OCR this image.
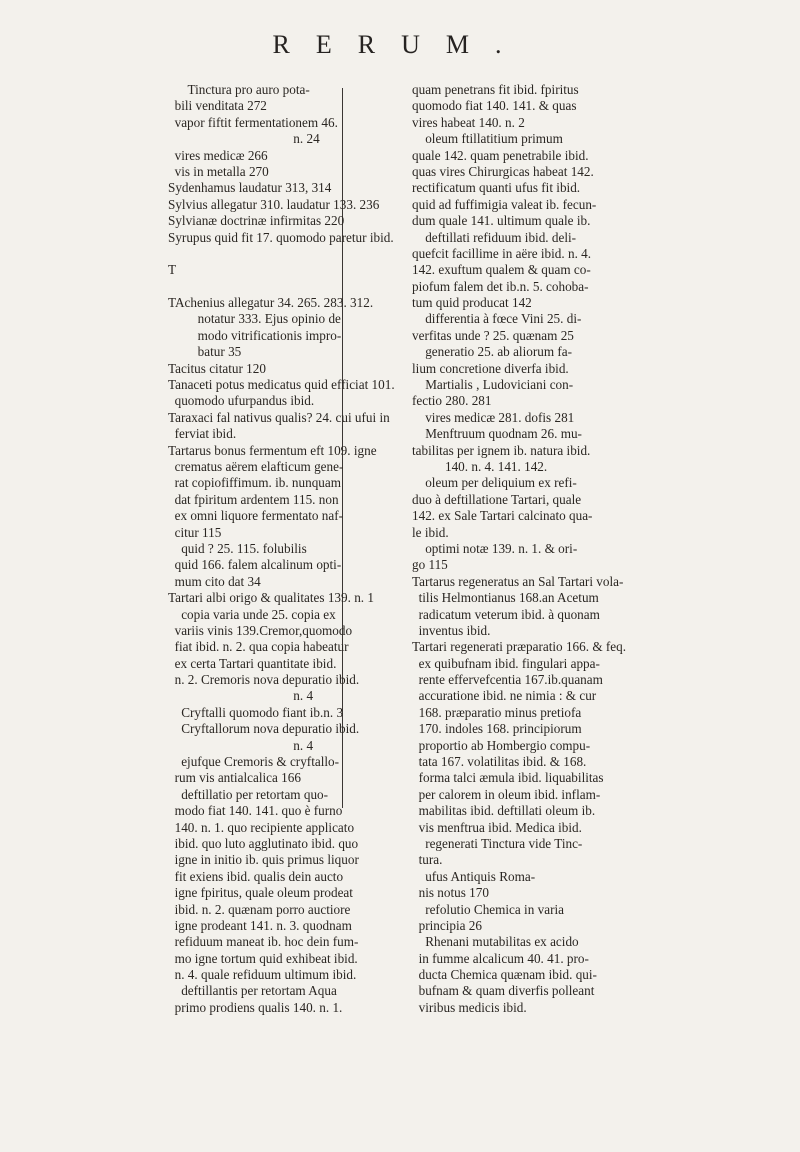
RERUM.
Tinctura pro auro pota-
bili venditata 272
vapor fiftit fermentationem 46.
n. 24
vires medicæ 266
vis in metalla 270
Sydenhamus laudatur 313, 314
Sylvius allegatur 310. laudatur 133. 236
Sylvianæ doctrinæ infirmitas 220
Syrupus quid fit 17. quomodo paretur ibid.
T
TAchenius allegatur 34. 265. 283. 312.
notatur 333. Ejus opinio de
modo vitrificationis impro-
batur 35
Tacitus citatur 120
Tanaceti potus medicatus quid efficiat 101.
quomodo ufurpandus ibid.
Taraxaci fal nativus qualis? 24. cui ufui in
ferviat ibid.
Tartarus bonus fermentum eft 109. igne
crematus aërem elafticum gene-
rat copiofiffimum. ib. nunquam
dat fpiritum ardentem 115. non
ex omni liquore fermentato naf-
citur 115
quid ? 25. 115. folubilis
quid 166. falem alcalinum opti-
mum cito dat 34
Tartari albi origo & qualitates 139. n. 1
copia varia unde 25. copia ex
variis vinis 139.Cremor,quomodo
fiat ibid. n. 2. qua copia habeatur
ex certa Tartari quantitate ibid.
n. 2. Cremoris nova depuratio ibid.
n. 4
Cryftalli quomodo fiant ib.n. 3
Cryftallorum nova depuratio ibid.
n. 4
ejufque Cremoris & cryftallo-
rum vis antialcalica 166
deftillatio per retortam quo-
modo fiat 140. 141. quo è furno
140. n. 1. quo recipiente applicato
ibid. quo luto agglutinato ibid. quo
igne in initio ib. quis primus liquor
fit exiens ibid. qualis dein aucto
igne fpiritus, quale oleum prodeat
ibid. n. 2. quænam porro auctiore
igne prodeant 141. n. 3. quodnam
refiduum maneat ib. hoc dein fum-
mo igne tortum quid exhibeat ibid.
n. 4. quale refiduum ultimum ibid.
deftillantis per retortam Aqua
primo prodiens qualis 140. n. 1.
quam penetrans fit ibid. fpiritus
quomodo fiat 140. 141. & quas
vires habeat 140. n. 2
oleum ftillatitium primum
quale 142. quam penetrabile ibid.
quas vires Chirurgicas habeat 142.
rectificatum quanti ufus fit ibid.
quid ad fuffimigia valeat ib. fecun-
dum quale 141. ultimum quale ib.
deftillati refiduum ibid. deli-
quefcit facillime in aëre ibid. n. 4.
142. exuftum qualem & quam co-
piofum falem det ib.n. 5. cohoba-
tum quid producat 142
differentia à fœce Vini 25. di-
verfitas unde ? 25. quænam 25
generatio 25. ab aliorum fa-
lium concretione diverfa ibid.
Martialis , Ludoviciani con-
fectio 280. 281
vires medicæ 281. dofis 281
Menftruum quodnam 26. mu-
tabilitas per ignem ib. natura ibid.
140. n. 4. 141. 142.
oleum per deliquium ex refi-
duo à deftillatione Tartari, quale
142. ex Sale Tartari calcinato qua-
le ibid.
optimi notæ 139. n. 1. & ori-
go 115
Tartarus regeneratus an Sal Tartari vola-
tilis Helmontianus 168.an Acetum
radicatum veterum ibid. à quonam
inventus ibid.
Tartari regenerati præparatio 166. & feq.
ex quibufnam ibid. fingulari appa-
rente effervefcentia 167.ib.quanam
accuratione ibid. ne nimia : & cur
168. præparatio minus pretiofa
170. indoles 168. principiorum
proportio ab Hombergio compu-
tata 167. volatilitas ibid. & 168.
forma talci æmula ibid. liquabilitas
per calorem in oleum ibid. inflam-
mabilitas ibid. deftillati oleum ib.
vis menftrua ibid. Medica ibid.
regenerati Tinctura vide Tinc-
tura.
ufus Antiquis Roma-
nis notus 170
refolutio Chemica in varia
principia 26
Rhenani mutabilitas ex acido
in fumme alcalicum 40. 41. pro-
ducta Chemica quænam ibid. qui-
bufnam & quam diverfis polleant
viribus medicis ibid.
